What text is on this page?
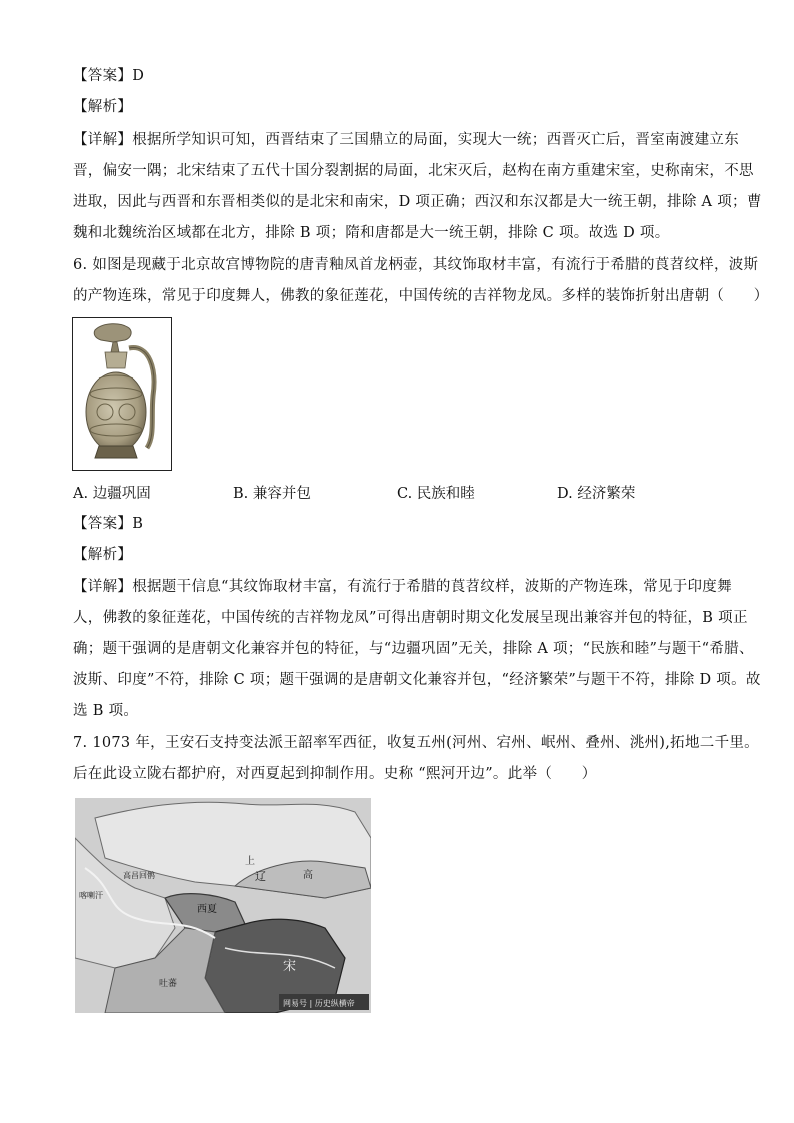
【答案】D
【解析】
【详解】根据所学知识可知，西晋结束了三国鼎立的局面，实现大一统；西晋灭亡后，晋室南渡建立东
晋，偏安一隅；北宋结束了五代十国分裂割据的局面，北宋灭后，赵构在南方重建宋室，史称南宋，不思
进取，因此与西晋和东晋相类似的是北宋和南宋，D 项正确；西汉和东汉都是大一统王朝，排除 A 项；曹
魏和北魏统治区域都在北方，排除 B 项；隋和唐都是大一统王朝，排除 C 项。故选 D 项。
6. 如图是现藏于北京故宫博物院的唐青釉凤首龙柄壶，其纹饰取材丰富，有流行于希腊的莨苕纹样，波斯
的产物连珠，常见于印度舞人，佛教的象征莲花，中国传统的吉祥物龙凤。多样的装饰折射出唐朝（　　）
A. 边疆巩固	B. 兼容并包	C. 民族和睦	D. 经济繁荣
【答案】B
【解析】
【详解】根据题干信息“其纹饰取材丰富，有流行于希腊的莨苕纹样，波斯的产物连珠，常见于印度舞
人，佛教的象征莲花，中国传统的吉祥物龙凤”可得出唐朝时期文化发展呈现出兼容并包的特征，B 项正
确；题干强调的是唐朝文化兼容并包的特征，与“边疆巩固”无关，排除 A 项；“民族和睦”与题干“希腊、
波斯、印度”不符，排除 C 项；题干强调的是唐朝文化兼容并包，“经济繁荣”与题干不符，排除 D 项。故
选 B 项。
7. 1073 年，王安石支持变法派王韶率军西征，收复五州(河州、宕州、岷州、叠州、洮州),拓地二千里。
后在此设立陇右都护府，对西夏起到抑制作用。史称 “熙河开边”。此举（　　）
上
辽	高
西夏
宋
高昌回鹘
喀喇汗
吐蕃
网易号 | 历史纵横帝
